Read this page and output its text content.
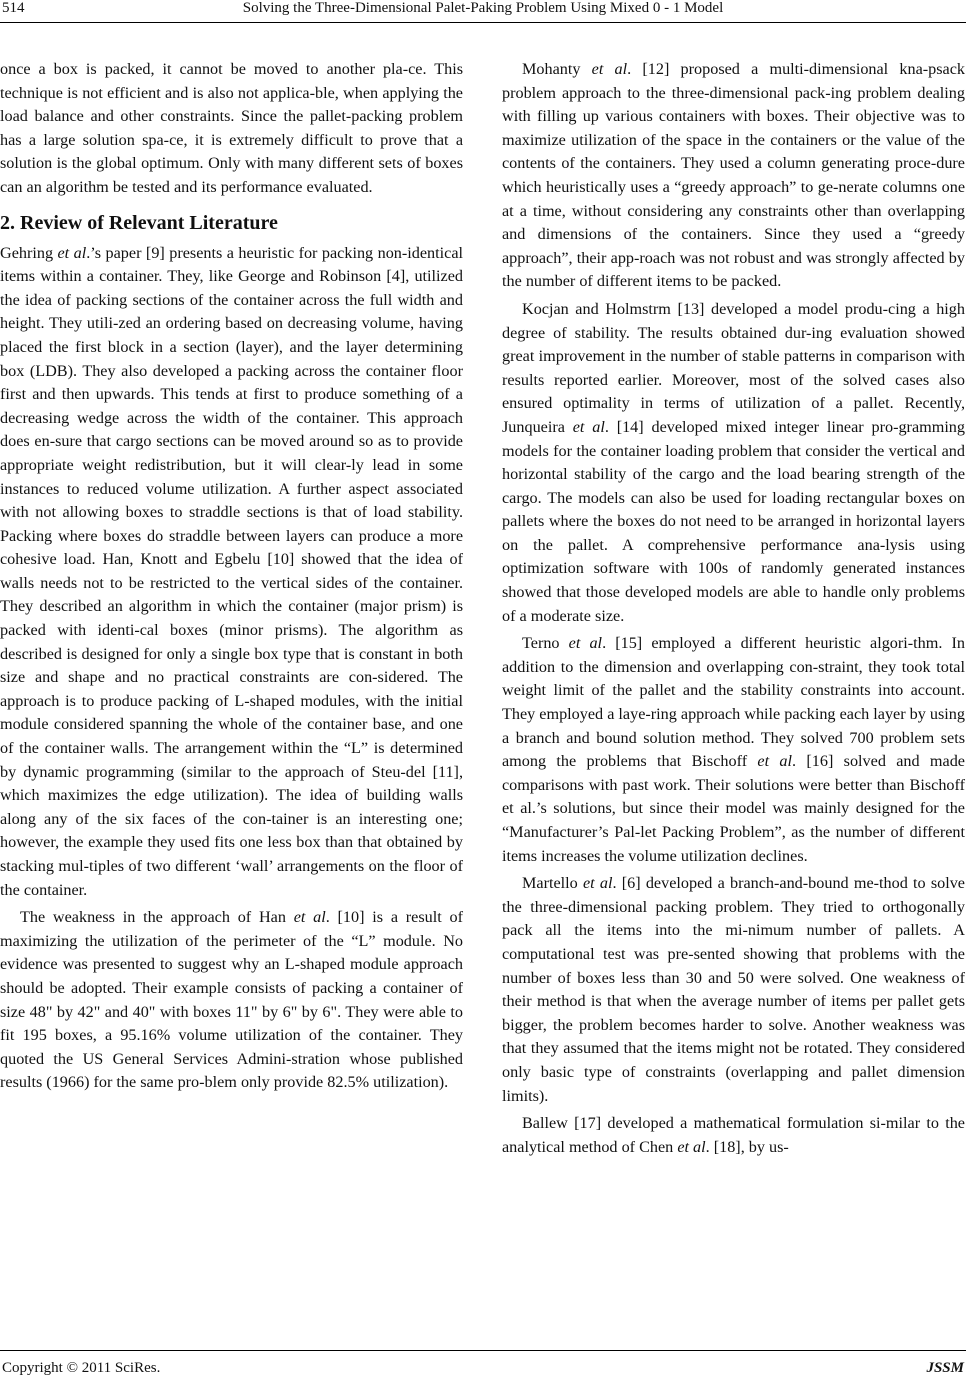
514	Solving the Three-Dimensional Palet-Paking Problem Using Mixed 0 - 1 Model

once a box is packed, it cannot be moved to another pla-ce. This technique is not efficient and is also not applica-ble, when applying the load balance and other constraints. Since the pallet-packing problem has a large solution spa-ce, it is extremely difficult to prove that a solution is the global optimum. Only with many different sets of boxes can an algorithm be tested and its performance evaluated.

2. Review of Relevant Literature

Gehring et al.’s paper [9] presents a heuristic for packing non-identical items within a container. They, like George and Robinson [4], utilized the idea of packing sections of the container across the full width and height. They utili-zed an ordering based on decreasing volume, having placed the first block in a section (layer), and the layer determining box (LDB). They also developed a packing across the container floor first and then upwards. This tends at first to produce something of a decreasing wedge across the width of the container. This approach does en-sure that cargo sections can be moved around so as to provide appropriate weight redistribution, but it will clear-ly lead in some instances to reduced volume utilization. A further aspect associated with not allowing boxes to straddle sections is that of load stability. Packing where boxes do straddle between layers can produce a more cohesive load. Han, Knott and Egbelu [10] showed that the idea of walls needs not to be restricted to the vertical sides of the container. They described an algorithm in which the container (major prism) is packed with identi-cal boxes (minor prisms). The algorithm as described is designed for only a single box type that is constant in both size and shape and no practical constraints are con-sidered. The approach is to produce packing of L-shaped modules, with the initial module considered spanning the whole of the container base, and one of the container walls. The arrangement within the “L” is determined by dynamic programming (similar to the approach of Steu-del [11], which maximizes the edge utilization). The idea of building walls along any of the six faces of the con-tainer is an interesting one; however, the example they used fits one less box than that obtained by stacking mul-tiples of two different ‘wall’ arrangements on the floor of the container.

The weakness in the approach of Han et al. [10] is a result of maximizing the utilization of the perimeter of the “L” module. No evidence was presented to suggest why an L-shaped module approach should be adopted. Their example consists of packing a container of size 48" by 42" and 40" with boxes 11" by 6" by 6". They were able to fit 195 boxes, a 95.16% volume utilization of the container. They quoted the US General Services Admini-stration whose published results (1966) for the same pro-blem only provide 82.5% utilization).

Mohanty et al. [12] proposed a multi-dimensional kna-psack problem approach to the three-dimensional pack-ing problem dealing with filling up various containers with boxes. Their objective was to maximize utilization of the space in the containers or the value of the contents of the containers. They used a column generating proce-dure which heuristically uses a “greedy approach” to ge-nerate columns one at a time, without considering any constraints other than overlapping and dimensions of the containers. Since they used a “greedy approach”, their app-roach was not robust and was strongly affected by the number of different items to be packed.

Kocjan and Holmstrm [13] developed a model produ-cing a high degree of stability. The results obtained dur-ing evaluation showed great improvement in the number of stable patterns in comparison with results reported earlier. Moreover, most of the solved cases also ensured optimality in terms of utilization of a pallet. Recently, Junqueira et al. [14] developed mixed integer linear pro-gramming models for the container loading problem that consider the vertical and horizontal stability of the cargo and the load bearing strength of the cargo. The models can also be used for loading rectangular boxes on pallets where the boxes do not need to be arranged in horizontal layers on the pallet. A comprehensive performance ana-lysis using optimization software with 100s of randomly generated instances showed that those developed models are able to handle only problems of a moderate size.

Terno et al. [15] employed a different heuristic algori-thm. In addition to the dimension and overlapping con-straint, they took total weight limit of the pallet and the stability constraints into account. They employed a laye-ring approach while packing each layer by using a branch and bound solution method. They solved 700 problem sets among the problems that Bischoff et al. [16] solved and made comparisons with past work. Their solutions were better than Bischoff et al.’s solutions, but since their model was mainly designed for the “Manufacturer’s Pal-let Packing Problem”, as the number of different items increases the volume utilization declines.

Martello et al. [6] developed a branch-and-bound me-thod to solve the three-dimensional packing problem. They tried to orthogonally pack all the items into the mi-nimum number of pallets. A computational test was pre-sented showing that problems with the number of boxes less than 30 and 50 were solved. One weakness of their method is that when the average number of items per pallet gets bigger, the problem becomes harder to solve. Another weakness was that they assumed that the items might not be rotated. They considered only basic type of constraints (overlapping and pallet dimension limits).

Ballew [17] developed a mathematical formulation si-milar to the analytical method of Chen et al. [18], by us-

Copyright © 2011 SciRes.	JSSM
